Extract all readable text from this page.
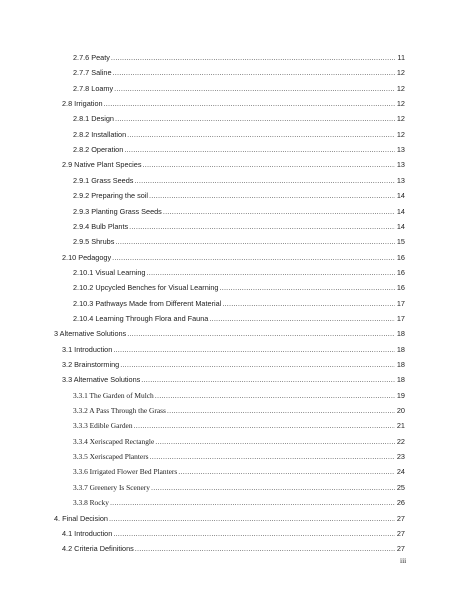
2.7.6 Peaty .....	11
2.7.7 Saline .....	12
2.7.8 Loamy .....	12
2.8 Irrigation .....	12
2.8.1 Design .....	12
2.8.2 Installation .....	12
2.8.2 Operation .....	13
2.9 Native Plant Species .....	13
2.9.1 Grass Seeds .....	13
2.9.2 Preparing the soil .....	14
2.9.3 Planting Grass Seeds .....	14
2.9.4 Bulb Plants .....	14
2.9.5 Shrubs .....	15
2.10 Pedagogy .....	16
2.10.1 Visual Learning .....	16
2.10.2 Upcycled Benches for Visual Learning .....	16
2.10.3 Pathways Made from Different Material .....	17
2.10.4 Learning Through Flora and Fauna .....	17
3 Alternative Solutions .....	18
3.1 Introduction .....	18
3.2 Brainstorming .....	18
3.3 Alternative Solutions .....	18
3.3.1 The Garden of Mulch .....	19
3.3.2 A Pass Through the Grass .....	20
3.3.3 Edible Garden .....	21
3.3.4 Xeriscaped Rectangle .....	22
3.3.5 Xeriscaped Planters .....	23
3.3.6 Irrigated Flower Bed Planters .....	24
3.3.7 Greenery Is Scenery .....	25
3.3.8 Rocky .....	26
4. Final Decision .....	27
4.1 Introduction .....	27
4.2 Criteria Definitions .....	27
iii
